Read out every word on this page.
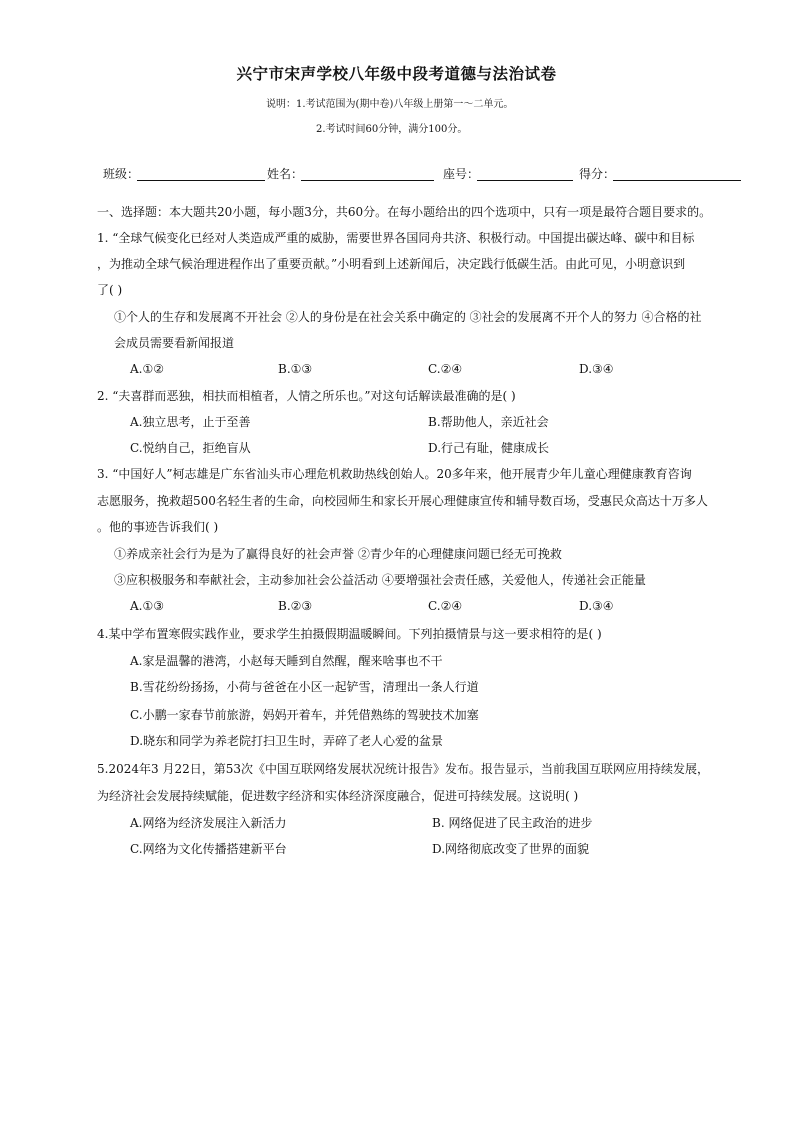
兴宁市宋声学校八年级中段考道德与法治试卷
说明：1.考试范围为(期中卷)八年级上册第一～二单元。
2.考试时间60分钟，满分100分。
班级：	姓名：	座号：	得分：
一、选择题：本大题共20小题，每小题3分，共60分。在每小题给出的四个选项中，只有一项是最符合题目要求的。
1. “全球气候变化已经对人类造成严重的威胁，需要世界各国同舟共济、积极行动。中国提出碳达峰、碳中和目标
，为推动全球气候治理进程作出了重要贡献。”小明看到上述新闻后，决定践行低碳生活。由此可见，小明意识到
了( )
①个人的生存和发展离不开社会 ②人的身份是在社会关系中确定的 ③社会的发展离不开个人的努力 ④合格的社
会成员需要看新闻报道
A.①②	B.①③	C.②④	D.③④
2. “夫喜群而恶独，相扶而相植者，人情之所乐也。”对这句话解读最准确的是( )
A.独立思考，止于至善	B.帮助他人，亲近社会
C.悦纳自己，拒绝盲从	D.行己有耻，健康成长
3. “中国好人”柯志雄是广东省汕头市心理危机救助热线创始人。20多年来，他开展青少年儿童心理健康教育咨询
志愿服务，挽救超500名轻生者的生命，向校园师生和家长开展心理健康宣传和辅导数百场，受惠民众高达十万多人
。他的事迹告诉我们( )
①养成亲社会行为是为了赢得良好的社会声誉 ②青少年的心理健康问题已经无可挽救
③应积极服务和奉献社会，主动参加社会公益活动 ④要增强社会责任感，关爱他人，传递社会正能量
A.①③	B.②③	C.②④	D.③④
4.某中学布置寒假实践作业，要求学生拍摄假期温暖瞬间。下列拍摄情景与这一要求相符的是( )
A.家是温馨的港湾，小赵每天睡到自然醒，醒来啥事也不干
B.雪花纷纷扬扬，小荷与爸爸在小区一起铲雪，清理出一条人行道
C.小鹏一家春节前旅游，妈妈开着车，并凭借熟练的驾驶技术加塞
D.晓东和同学为养老院打扫卫生时，弄碎了老人心爱的盆景
5.2024年3 月22日，第53次《中国互联网络发展状况统计报告》发布。报告显示，当前我国互联网应用持续发展，
为经济社会发展持续赋能，促进数字经济和实体经济深度融合，促进可持续发展。这说明( )
A.网络为经济发展注入新活力	B. 网络促进了民主政治的进步
C.网络为文化传播搭建新平台	D.网络彻底改变了世界的面貌
